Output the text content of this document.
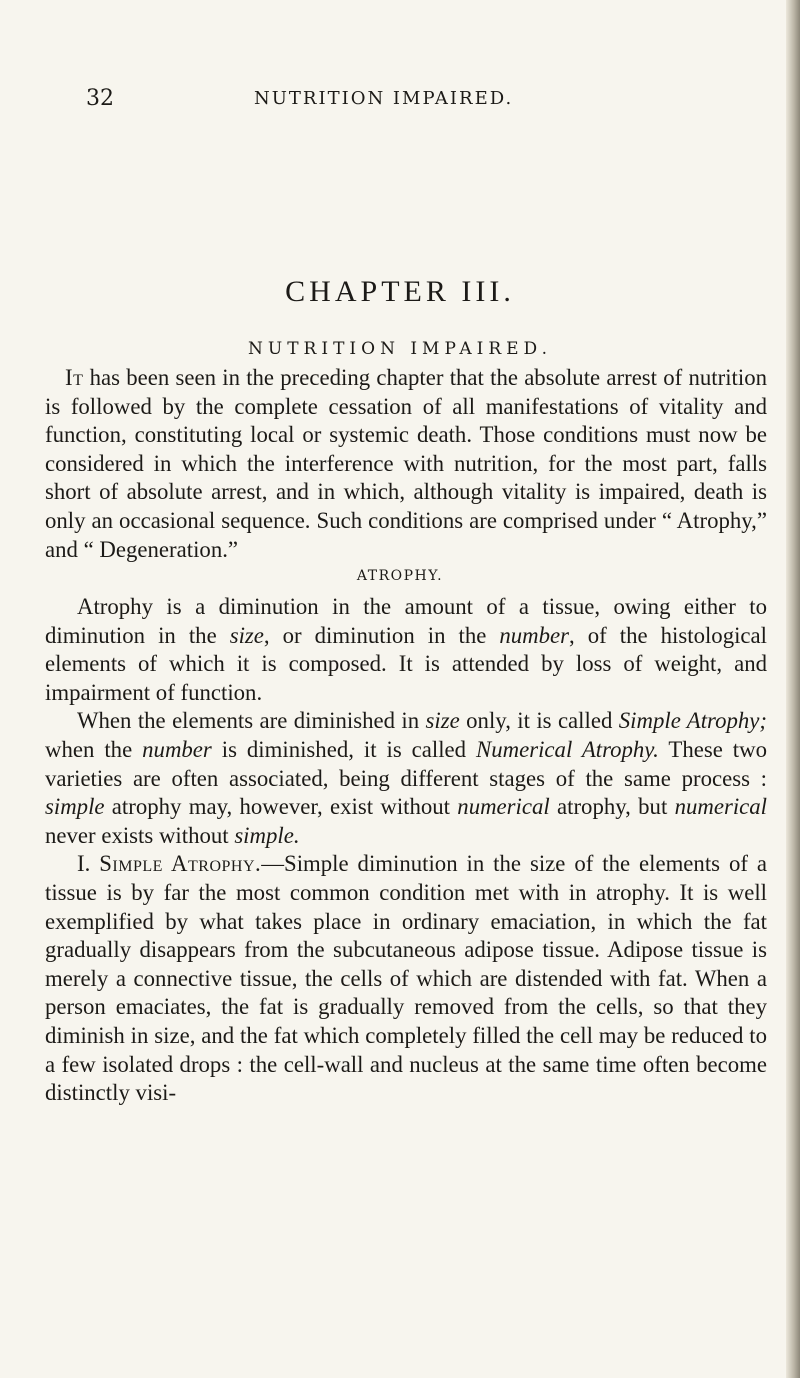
32	NUTRITION IMPAIRED.
CHAPTER III.
NUTRITION IMPAIRED.

It has been seen in the preceding chapter that the absolute arrest of nutrition is followed by the complete cessation of all manifestations of vitality and function, constituting local or systemic death. Those conditions must now be considered in which the interference with nutrition, for the most part, falls short of absolute arrest, and in which, although vitality is impaired, death is only an occasional sequence. Such conditions are comprised under “ Atrophy,” and “ Degeneration.”

ATROPHY.

Atrophy is a diminution in the amount of a tissue, owing either to diminution in the size, or diminution in the number, of the histological elements of which it is composed. It is attended by loss of weight, and impairment of function.

When the elements are diminished in size only, it is called Simple Atrophy; when the number is diminished, it is called Numerical Atrophy. These two varieties are often associated, being different stages of the same process : simple atrophy may, however, exist without numerical atrophy, but numerical never exists without simple.

I. Simple Atrophy.—Simple diminution in the size of the elements of a tissue is by far the most common condition met with in atrophy. It is well exemplified by what takes place in ordinary emaciation, in which the fat gradually disappears from the subcutaneous adipose tissue. Adipose tissue is merely a connective tissue, the cells of which are distended with fat. When a person emaciates, the fat is gradually removed from the cells, so that they diminish in size, and the fat which completely filled the cell may be reduced to a few isolated drops : the cell-wall and nucleus at the same time often become distinctly visi-
